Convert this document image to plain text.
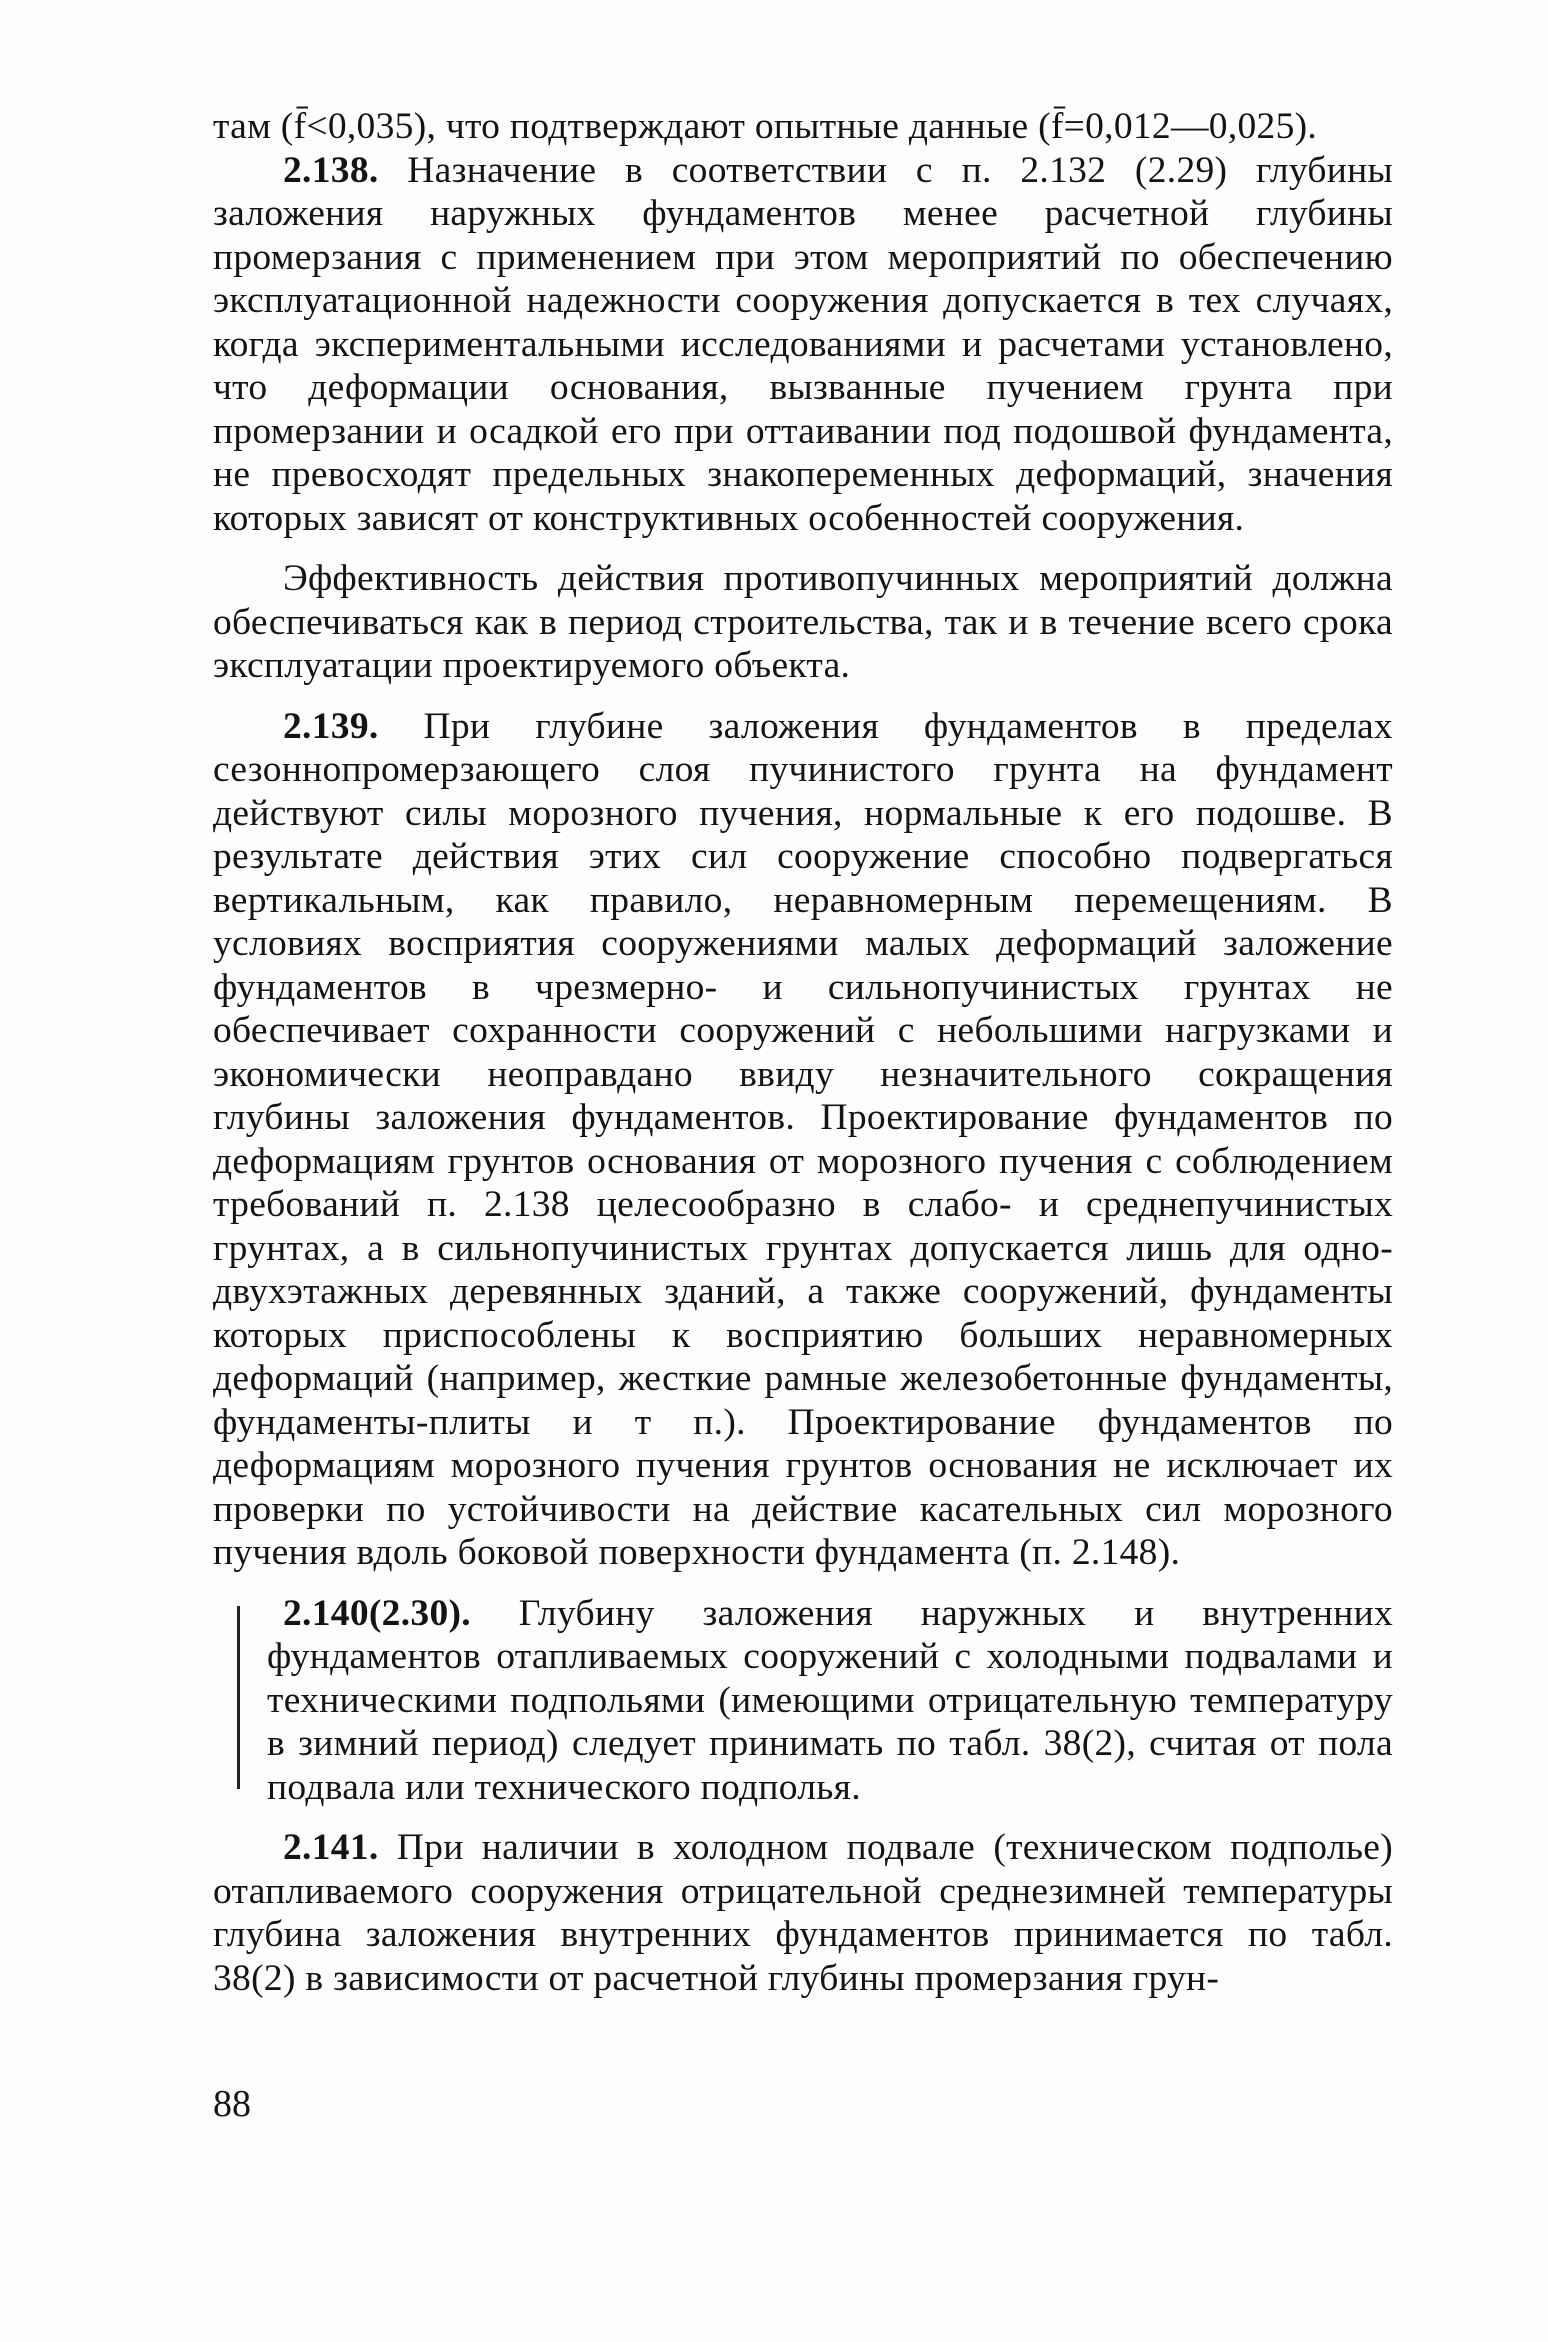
там (f̄<0,035), что подтверждают опытные данные (f̄=0,012—0,025).

2.138. Назначение в соответствии с п. 2.132 (2.29) глубины заложения наружных фундаментов менее расчетной глубины промерзания с применением при этом мероприятий по обеспечению эксплуатационной надежности сооружения допускается в тех случаях, когда экспериментальными исследованиями и расчетами установлено, что деформации основания, вызванные пучением грунта при промерзании и осадкой его при оттаивании под подошвой фундамента, не превосходят предельных знакопеременных деформаций, значения которых зависят от конструктивных особенностей сооружения.

Эффективность действия противопучинных мероприятий должна обеспечиваться как в период строительства, так и в течение всего срока эксплуатации проектируемого объекта.

2.139. При глубине заложения фундаментов в пределах сезоннопромерзающего слоя пучинистого грунта на фундамент действуют силы морозного пучения, нормальные к его подошве. В результате действия этих сил сооружение способно подвергаться вертикальным, как правило, неравномерным перемещениям. В условиях восприятия сооружениями малых деформаций заложение фундаментов в чрезмерно- и сильнопучинистых грунтах не обеспечивает сохранности сооружений с небольшими нагрузками и экономически неоправдано ввиду незначительного сокращения глубины заложения фундаментов. Проектирование фундаментов по деформациям грунтов основания от морозного пучения с соблюдением требований п. 2.138 целесообразно в слабо- и среднепучинистых грунтах, а в сильнопучинистых грунтах допускается лишь для одно-двухэтажных деревянных зданий, а также сооружений, фундаменты которых приспособлены к восприятию больших неравномерных деформаций (например, жесткие рамные железобетонные фундаменты, фундаменты-плиты и т п.). Проектирование фундаментов по деформациям морозного пучения грунтов основания не исключает их проверки по устойчивости на действие касательных сил морозного пучения вдоль боковой поверхности фундамента (п. 2.148).

2.140(2.30). Глубину заложения наружных и внутренних фундаментов отапливаемых сооружений с холодными подвалами и техническими подпольями (имеющими отрицательную температуру в зимний период) следует принимать по табл. 38(2), считая от пола подвала или технического подполья.

2.141. При наличии в холодном подвале (техническом подполье) отапливаемого сооружения отрицательной среднезимней температуры глубина заложения внутренних фундаментов принимается по табл. 38(2) в зависимости от расчетной глубины промерзания грун-

88
